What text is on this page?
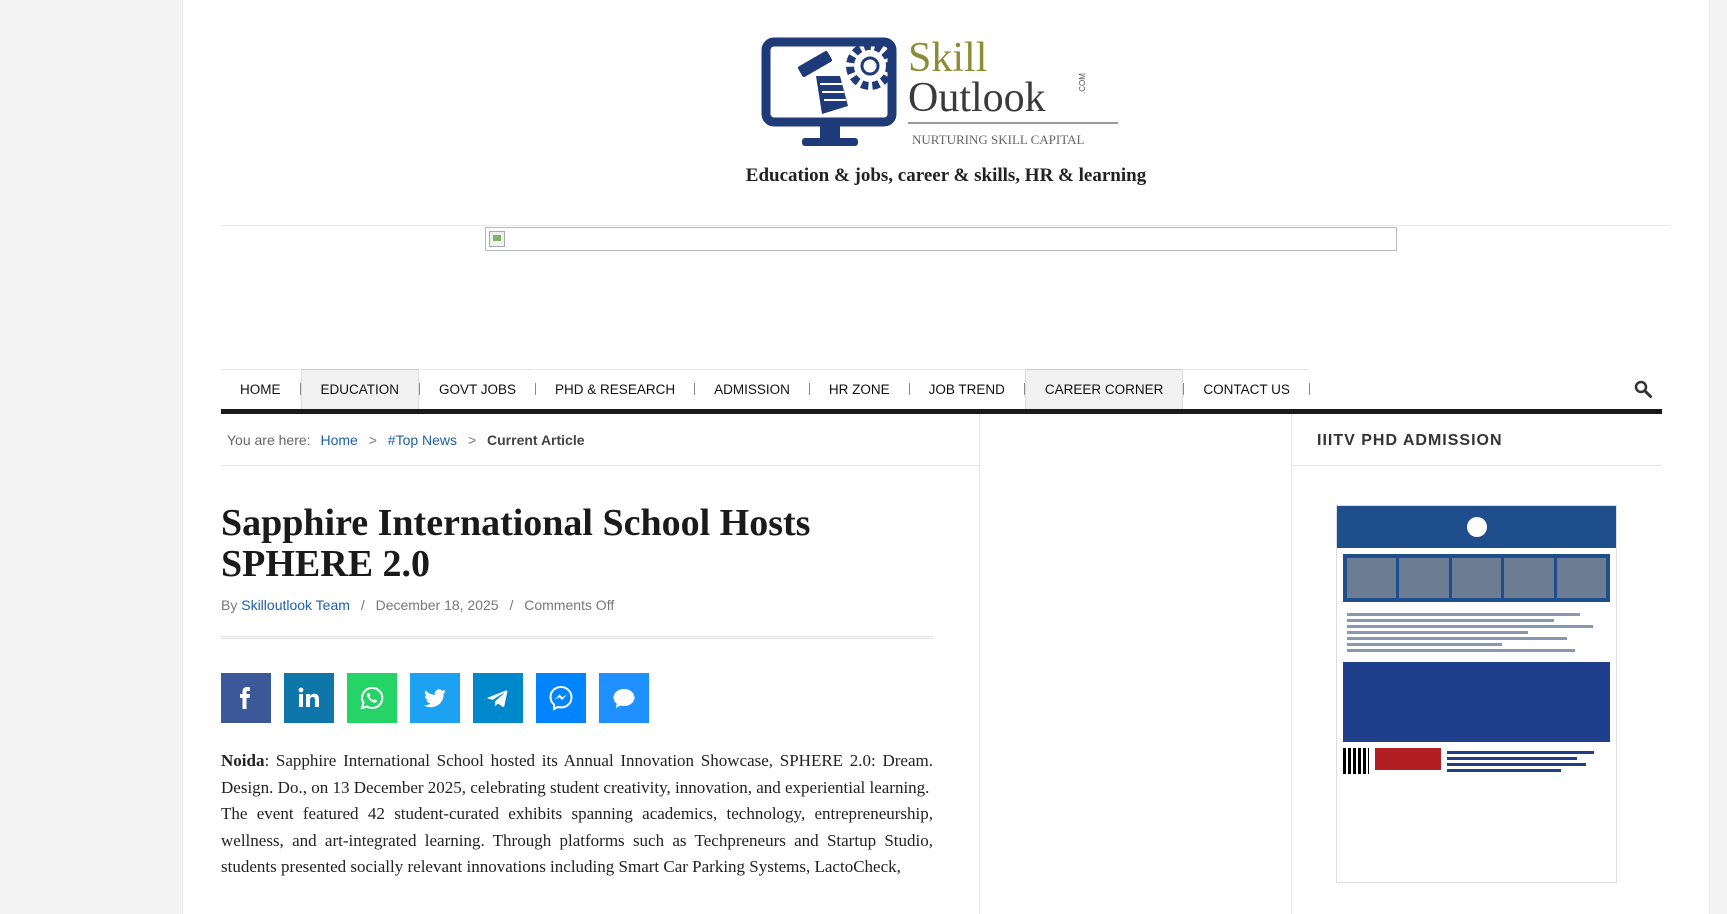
Skill
Outlook	.COM
NURTURING SKILL CAPITAL
Education & jobs, career & skills, HR & learning
HOME	EDUCATION	GOVT JOBS	PHD & RESEARCH	ADMISSION	HR ZONE	JOB TREND	CAREER CORNER	CONTACT US
You are here: Home > #Top News > Current Article
Sapphire International School Hosts SPHERE 2.0
By Skilloutlook Team / December 18, 2025 / Comments Off

Noida: Sapphire International School hosted its Annual Innovation Showcase, SPHERE 2.0: Dream. Design. Do., on 13 December 2025, celebrating student creativity, innovation, and experiential learning.

The event featured 42 student-curated exhibits spanning academics, technology, entrepreneurship, wellness, and art-integrated learning. Through platforms such as Techpreneurs and Startup Studio, students presented socially relevant innovations including Smart Car Parking Systems, LactoCheck,

IIITV PHD ADMISSION
